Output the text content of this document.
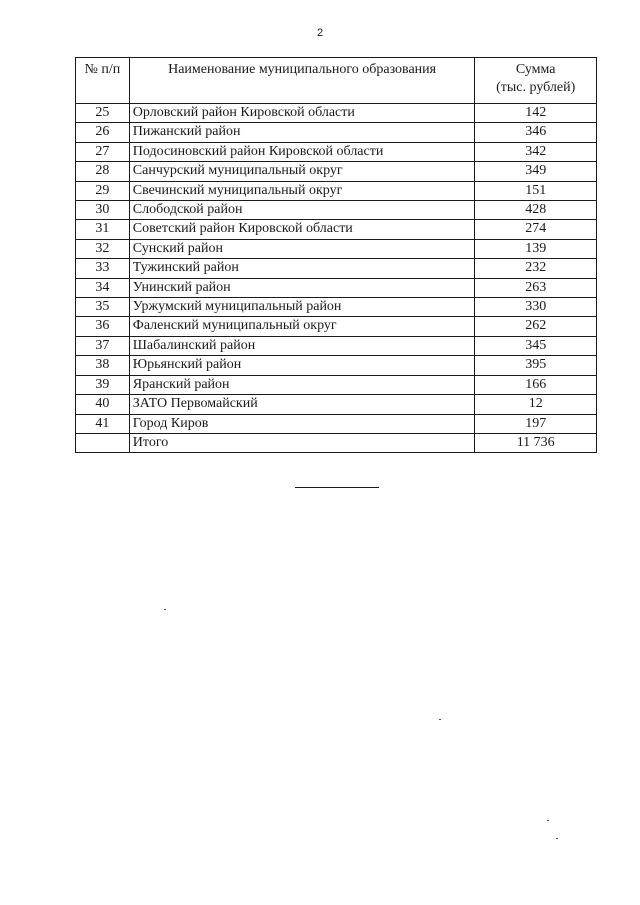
2
№ п/п	Наименование муниципального образования	Сумма
(тыс. рублей)

25	Орловский район Кировской области	142
26	Пижанский район	346
27	Подосиновский район Кировской области	342
28	Санчурский муниципальный округ	349
29	Свечинский муниципальный округ	151
30	Слободской район	428
31	Советский район Кировской области	274
32	Сунский район	139
33	Тужинский район	232
34	Унинский район	263
35	Уржумский муниципальный район	330
36	Фаленский муниципальный округ	262
37	Шабалинский район	345
38	Юрьянский район	395
39	Яранский район	166
40	ЗАТО Первомайский	12
41	Город Киров	197
	Итого	11 736
